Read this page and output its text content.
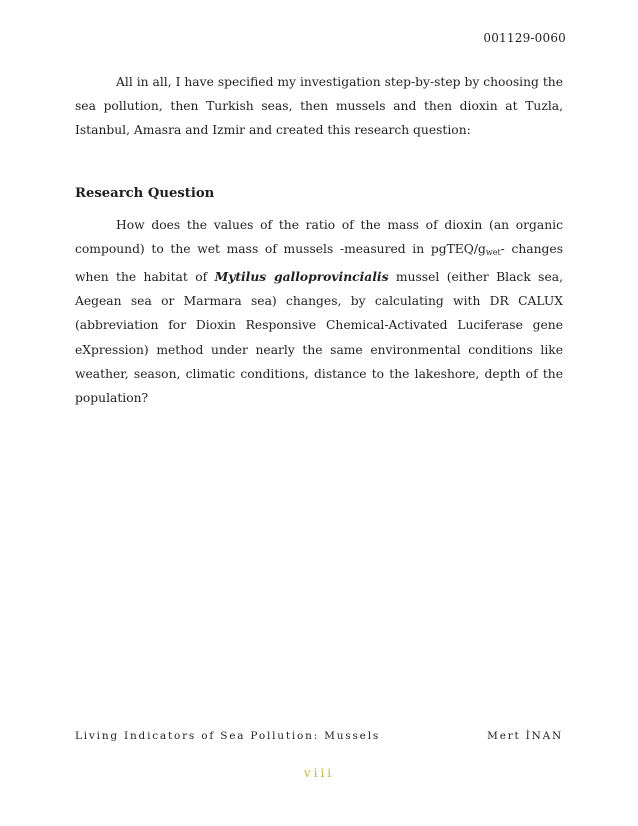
001129-0060

All in all, I have specified my investigation step-by-step by choosing the sea pollution, then Turkish seas, then mussels and then dioxin at Tuzla, Istanbul, Amasra and Izmir and created this research question:

Research Question

How does the values of the ratio of the mass of dioxin (an organic compound) to the wet mass of mussels -measured in pgTEQ/$g_{wet}-$ changes when the habitat of Mytilus galloprovincialis mussel (either Black sea, Aegean sea or Marmara sea) changes, by calculating with DR CALUX (abbreviation for Dioxin Responsive Chemical-Activated Luciferase gene eXpression) method under nearly the same environmental conditions like weather, season, climatic conditions, distance to the lakeshore, depth of the population?

Living Indicators of Sea Pollution: Mussels	Mert İNAN
viii
